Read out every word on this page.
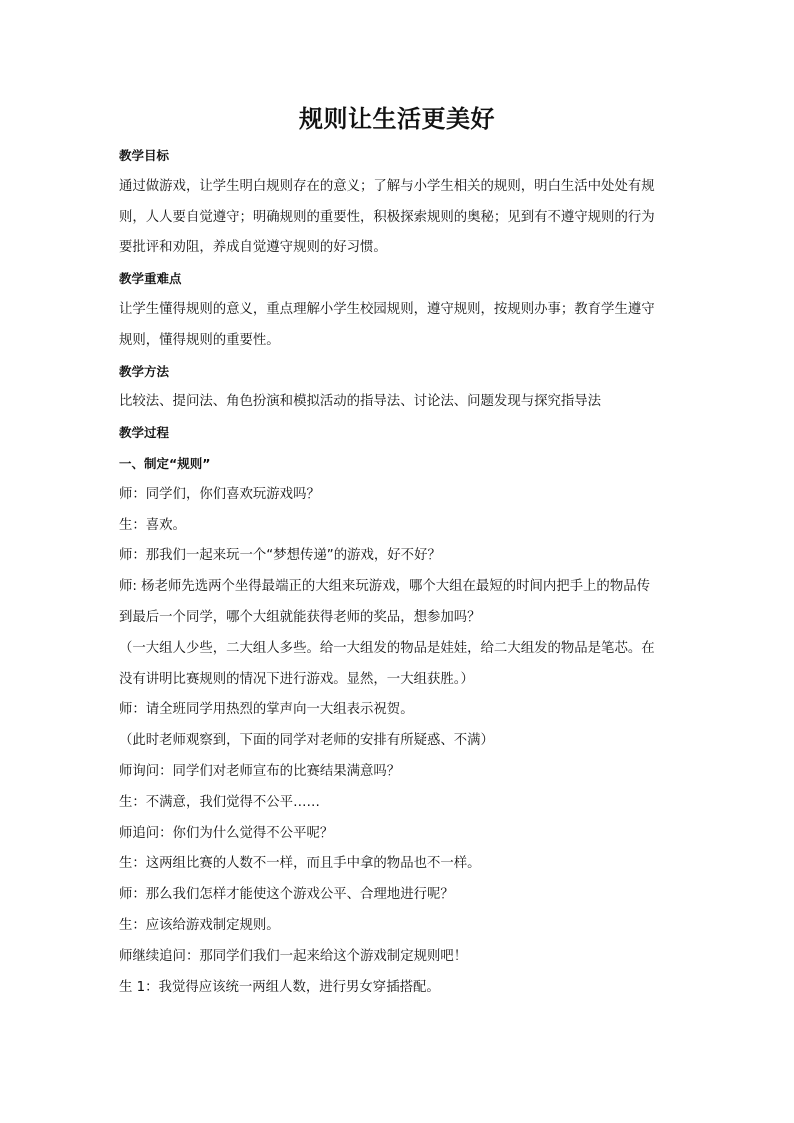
规则让生活更美好
教学目标
通过做游戏，让学生明白规则存在的意义；了解与小学生相关的规则，明白生活中处处有规
则，人人要自觉遵守；明确规则的重要性，积极探索规则的奥秘；见到有不遵守规则的行为
要批评和劝阻，养成自觉遵守规则的好习惯。
教学重难点
让学生懂得规则的意义，重点理解小学生校园规则，遵守规则，按规则办事；教育学生遵守
规则，懂得规则的重要性。
教学方法
比较法、提问法、角色扮演和模拟活动的指导法、讨论法、问题发现与探究指导法
教学过程
一、制定“规则”
师：同学们，你们喜欢玩游戏吗？
生：喜欢。
师：那我们一起来玩一个“梦想传递”的游戏，好不好？
师: 杨老师先选两个坐得最端正的大组来玩游戏，哪个大组在最短的时间内把手上的物品传
到最后一个同学，哪个大组就能获得老师的奖品，想参加吗？
（一大组人少些，二大组人多些。给一大组发的物品是娃娃，给二大组发的物品是笔芯。在
没有讲明比赛规则的情况下进行游戏。显然，一大组获胜。）
师：请全班同学用热烈的掌声向一大组表示祝贺。
（此时老师观察到，下面的同学对老师的安排有所疑惑、不满）
师询问：同学们对老师宣布的比赛结果满意吗？
生：不满意，我们觉得不公平……
师追问：你们为什么觉得不公平呢？
生：这两组比赛的人数不一样，而且手中拿的物品也不一样。
师：那么我们怎样才能使这个游戏公平、合理地进行呢？
生：应该给游戏制定规则。
师继续追问：那同学们我们一起来给这个游戏制定规则吧！
生 1：我觉得应该统一两组人数，进行男女穿插搭配。
